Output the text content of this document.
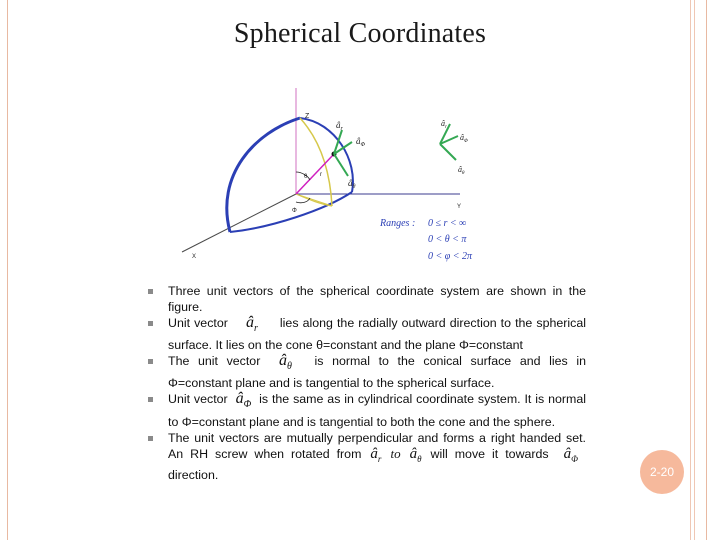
Spherical Coordinates
Z
Y
X
r
θ
Φ
$â_r$
$â_\Phi$
$â_\theta$
$â_r$
$â_\Phi$
$â_\theta$
Ranges : 0 ≤ r < ∞
0 < θ < π
0 < φ < 2π
Three unit vectors of the spherical coordinate system are shown in the figure.
Unit vector $â_r$ lies along the radially outward direction to the spherical surface. It lies on the cone θ=constant and the plane Φ=constant
The unit vector $â_\theta$ is normal to the conical surface and lies in Φ=constant plane and is tangential to the spherical surface.
Unit vector $â_\Phi$ is the same as in cylindrical coordinate system. It is normal to Φ=constant plane and is tangential to both the cone and the sphere.
The unit vectors are mutually perpendicular and forms a right handed set. An RH screw when rotated from $â_r$ to $â_\theta$ will move it towards $â_\Phi$ direction.	2-20
